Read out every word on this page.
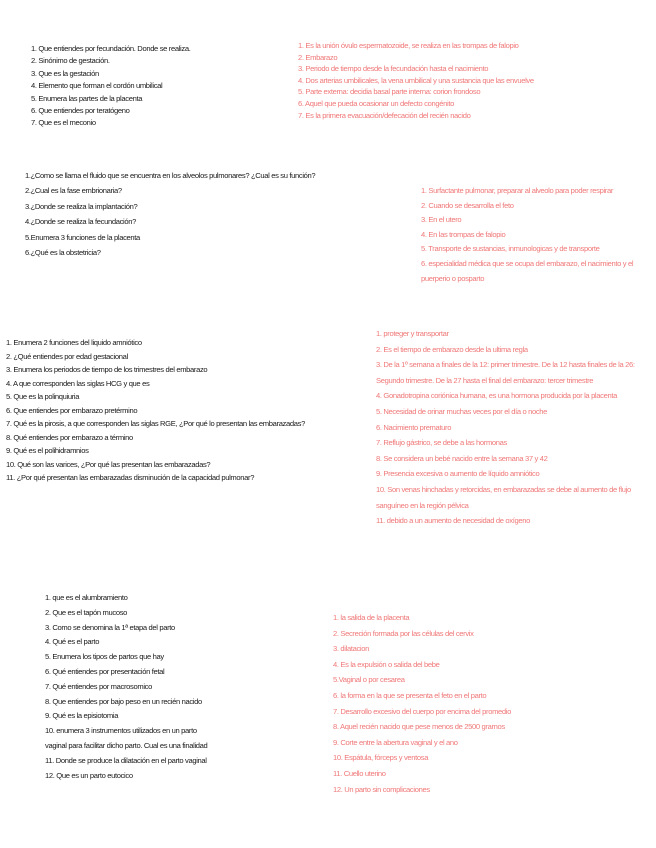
1. Que entiendes por fecundación. Donde se realiza.
2. Sinónimo de gestación.
3. Que es la gestación
4. Elemento que forman el cordón umbilical
5. Enumera las partes de la placenta
6. Que entiendes por teratógeno
7. Que es el meconio
1. Es la unión óvulo espermatozoide, se realiza en las trompas de falopio
2. Embarazo
3. Periodo de tiempo desde la fecundación hasta el nacimiento
4. Dos arterias umbilicales, la vena umbilical y una sustancia que las envuelve
5. Parte externa: decidia basal parte interna: corion frondoso
6. Aquel que pueda ocasionar un defecto congénito
7. Es la primera evacuación/defecación del recién nacido
1.¿Como se llama el fluido que se encuentra en los alveolos pulmonares? ¿Cual es su función?
2.¿Cual es la fase embrionaria?
3.¿Donde se realiza la implantación?
4.¿Donde se realiza la fecundación?
5.Enumera 3 funciones de la placenta
6.¿Qué es la obstetricia?
1. Surfactante pulmonar, preparar al alveolo para poder respirar
2. Cuando se desarrolla el feto
3. En el utero
4. En las trompas de falopio
5. Transporte de sustancias, inmunologicas y de transporte
6. especialidad médica que se ocupa del embarazo, el nacimiento y el puerperio o posparto
1. Enumera 2 funciones del liquido amniótico
2. ¿Qué entiendes por edad gestacional
3. Enumera los periodos de tiempo de los trimestres del embarazo
4. A que corresponden las siglas HCG y que es
5. Que es la polinquiuria
6. Que entiendes por embarazo pretérmino
7. Qué es la pirosis, a que corresponden las siglas RGE, ¿Por qué lo presentan las embarazadas?
8. Qué entiendes por embarazo a término
9. Qué es el polihidramnios
10. Qué son las varices, ¿Por qué las presentan las embarazadas?
11. ¿Por qué presentan las embarazadas disminución de la capacidad pulmonar?
1. proteger y transportar
2. Es el tiempo de embarazo desde la ultima regla
3. De la 1º semana a finales de la 12: primer trimestre. De la 12 hasta finales de la 26: Segundo trimestre. De la 27 hasta el final del embarazo: tercer trimestre
4. Gonadotropina coriónica humana, es una hormona producida por la placenta
5. Necesidad de orinar muchas veces por el día o noche
6. Nacimiento prematuro
7. Reflujo gástrico, se debe a las hormonas
8. Se considera un bebé nacido entre la semana 37 y 42
9. Presencia excesiva o aumento de líquido amniótico
10. Son venas hinchadas y retorcidas, en embarazadas se debe al aumento de flujo sanguíneo en la región pélvica
11. debido a un aumento de necesidad de oxígeno
1. que es el alumbramiento
2. Que es el tapón mucoso
3. Como se denomina la 1ª etapa del parto
4. Qué es el parto
5. Enumera los tipos de partos que hay
6. Qué entiendes por presentación fetal
7. Qué entiendes por macrosomico
8. Que entiendes por bajo peso en un recién nacido
9. Qué es la episiotomia
10. enumera 3 instrumentos utilizados en un parto vaginal para facilitar dicho parto. Cual es una finalidad
11. Donde se produce la dilatación en el parto vaginal
12. Que es un parto eutocico
1. la salida de la placenta
2. Secreción formada por las células del cervix
3. dilatacion
4. Es la expulsión o salida del bebe
5.Vaginal o por cesarea
6. la forma en la que se presenta el feto en el parto
7. Desarrollo excesivo del cuerpo por encima del promedio
8. Aquel recién nacido que pese menos de 2500 gramos
9. Corte entre la abertura vaginal y el ano
10. Espátula, fórceps y ventosa
11. Cuello uterino
12. Un parto sin complicaciones
